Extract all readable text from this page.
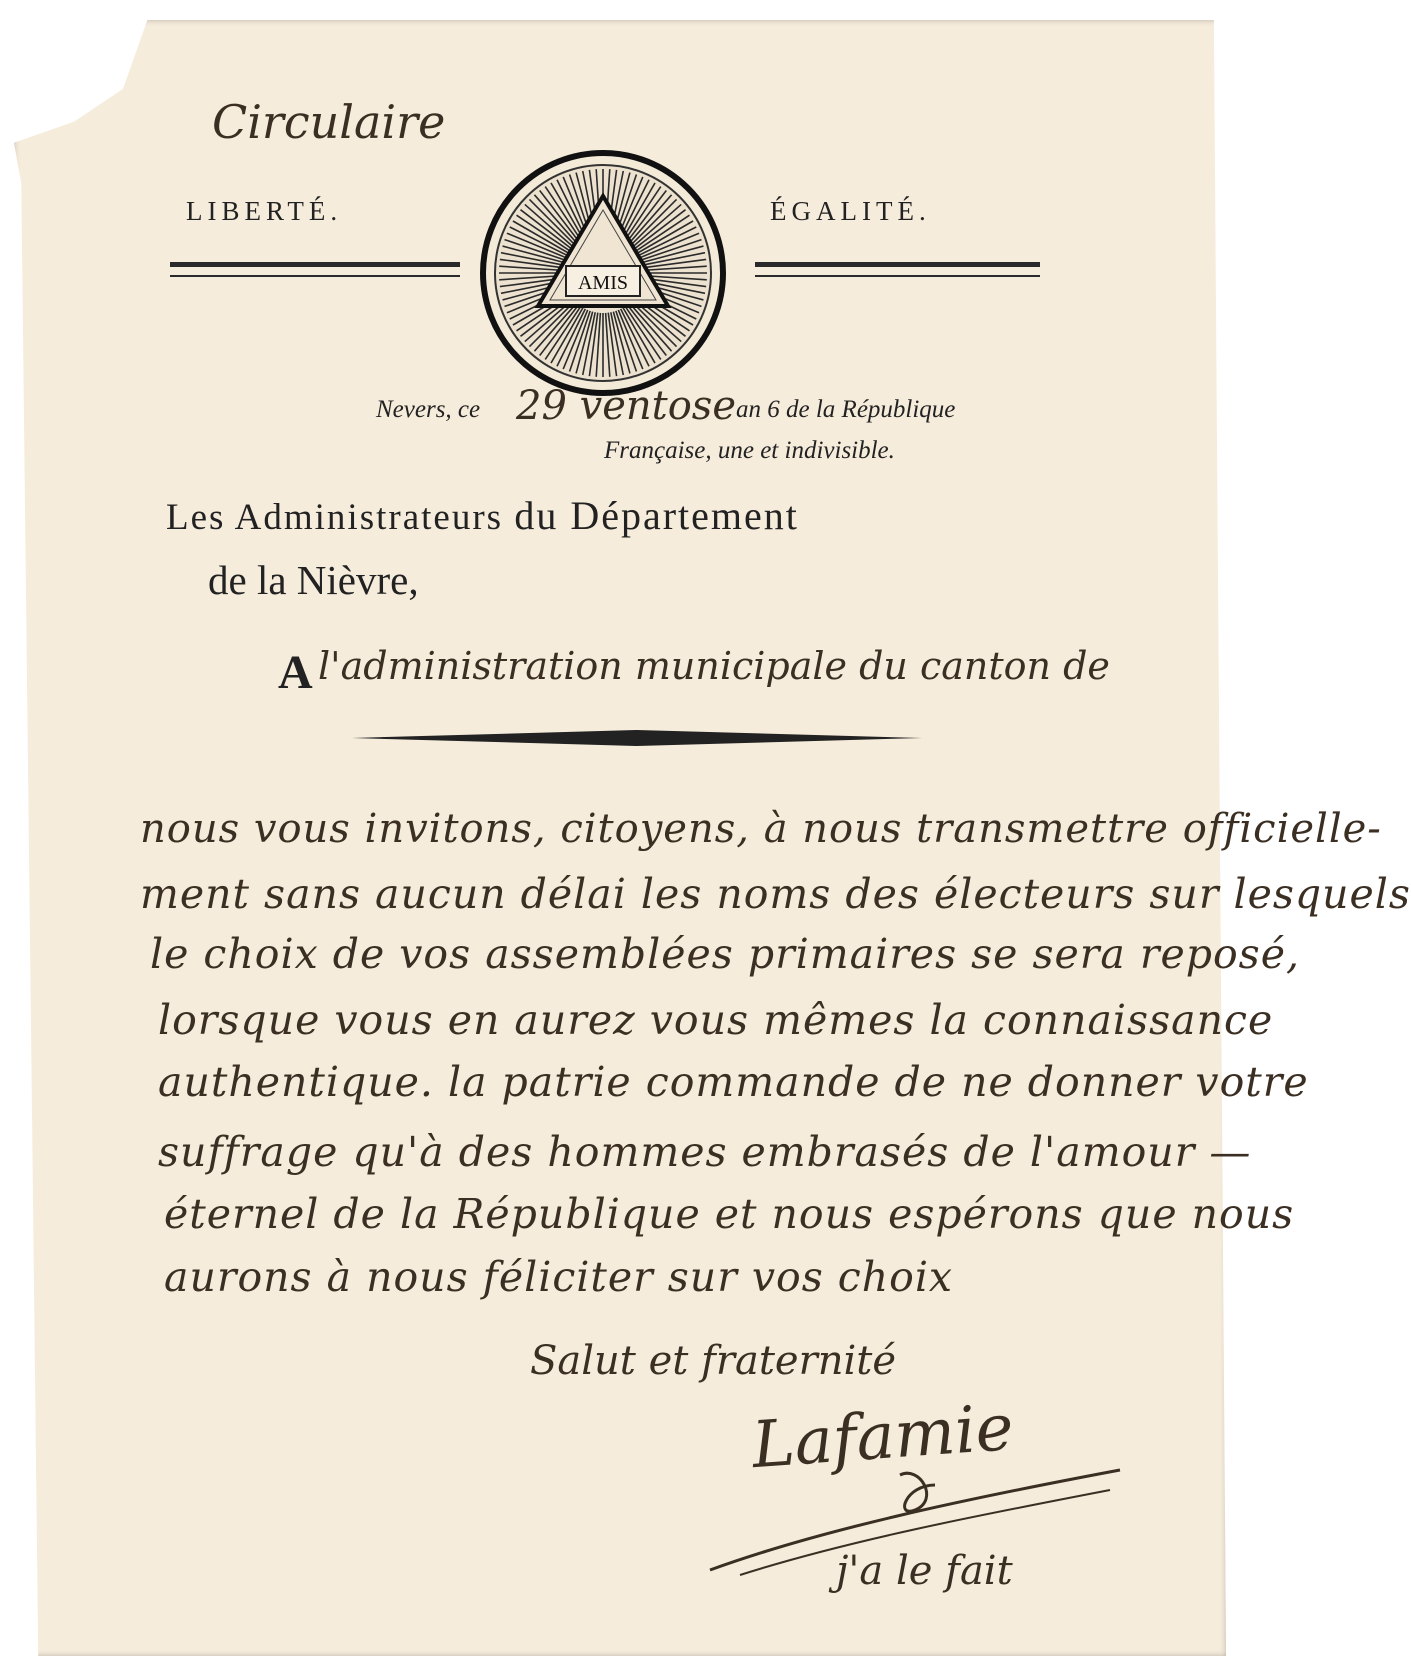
Circulaire
LIBERTÉ.	ÉGALITÉ.
AMIS
Nevers, ce 29 ventose an 6 de la République
Française, une et indivisible.
Les Administrateurs du Département
de la Nièvre,
A l'administration municipale du canton de
nous vous invitons, citoyens, à nous transmettre officielle-
ment sans aucun délai les noms des électeurs sur lesquels
le choix de vos assemblées primaires se sera reposé,
lorsque vous en aurez vous mêmes la connaissance
authentique. la patrie commande de ne donner votre
suffrage qu'à des hommes embrasés de l'amour —
éternel de la République et nous espérons que nous
aurons à nous féliciter sur vos choix
Salut et fraternité
Lafamie
j'a le fait
